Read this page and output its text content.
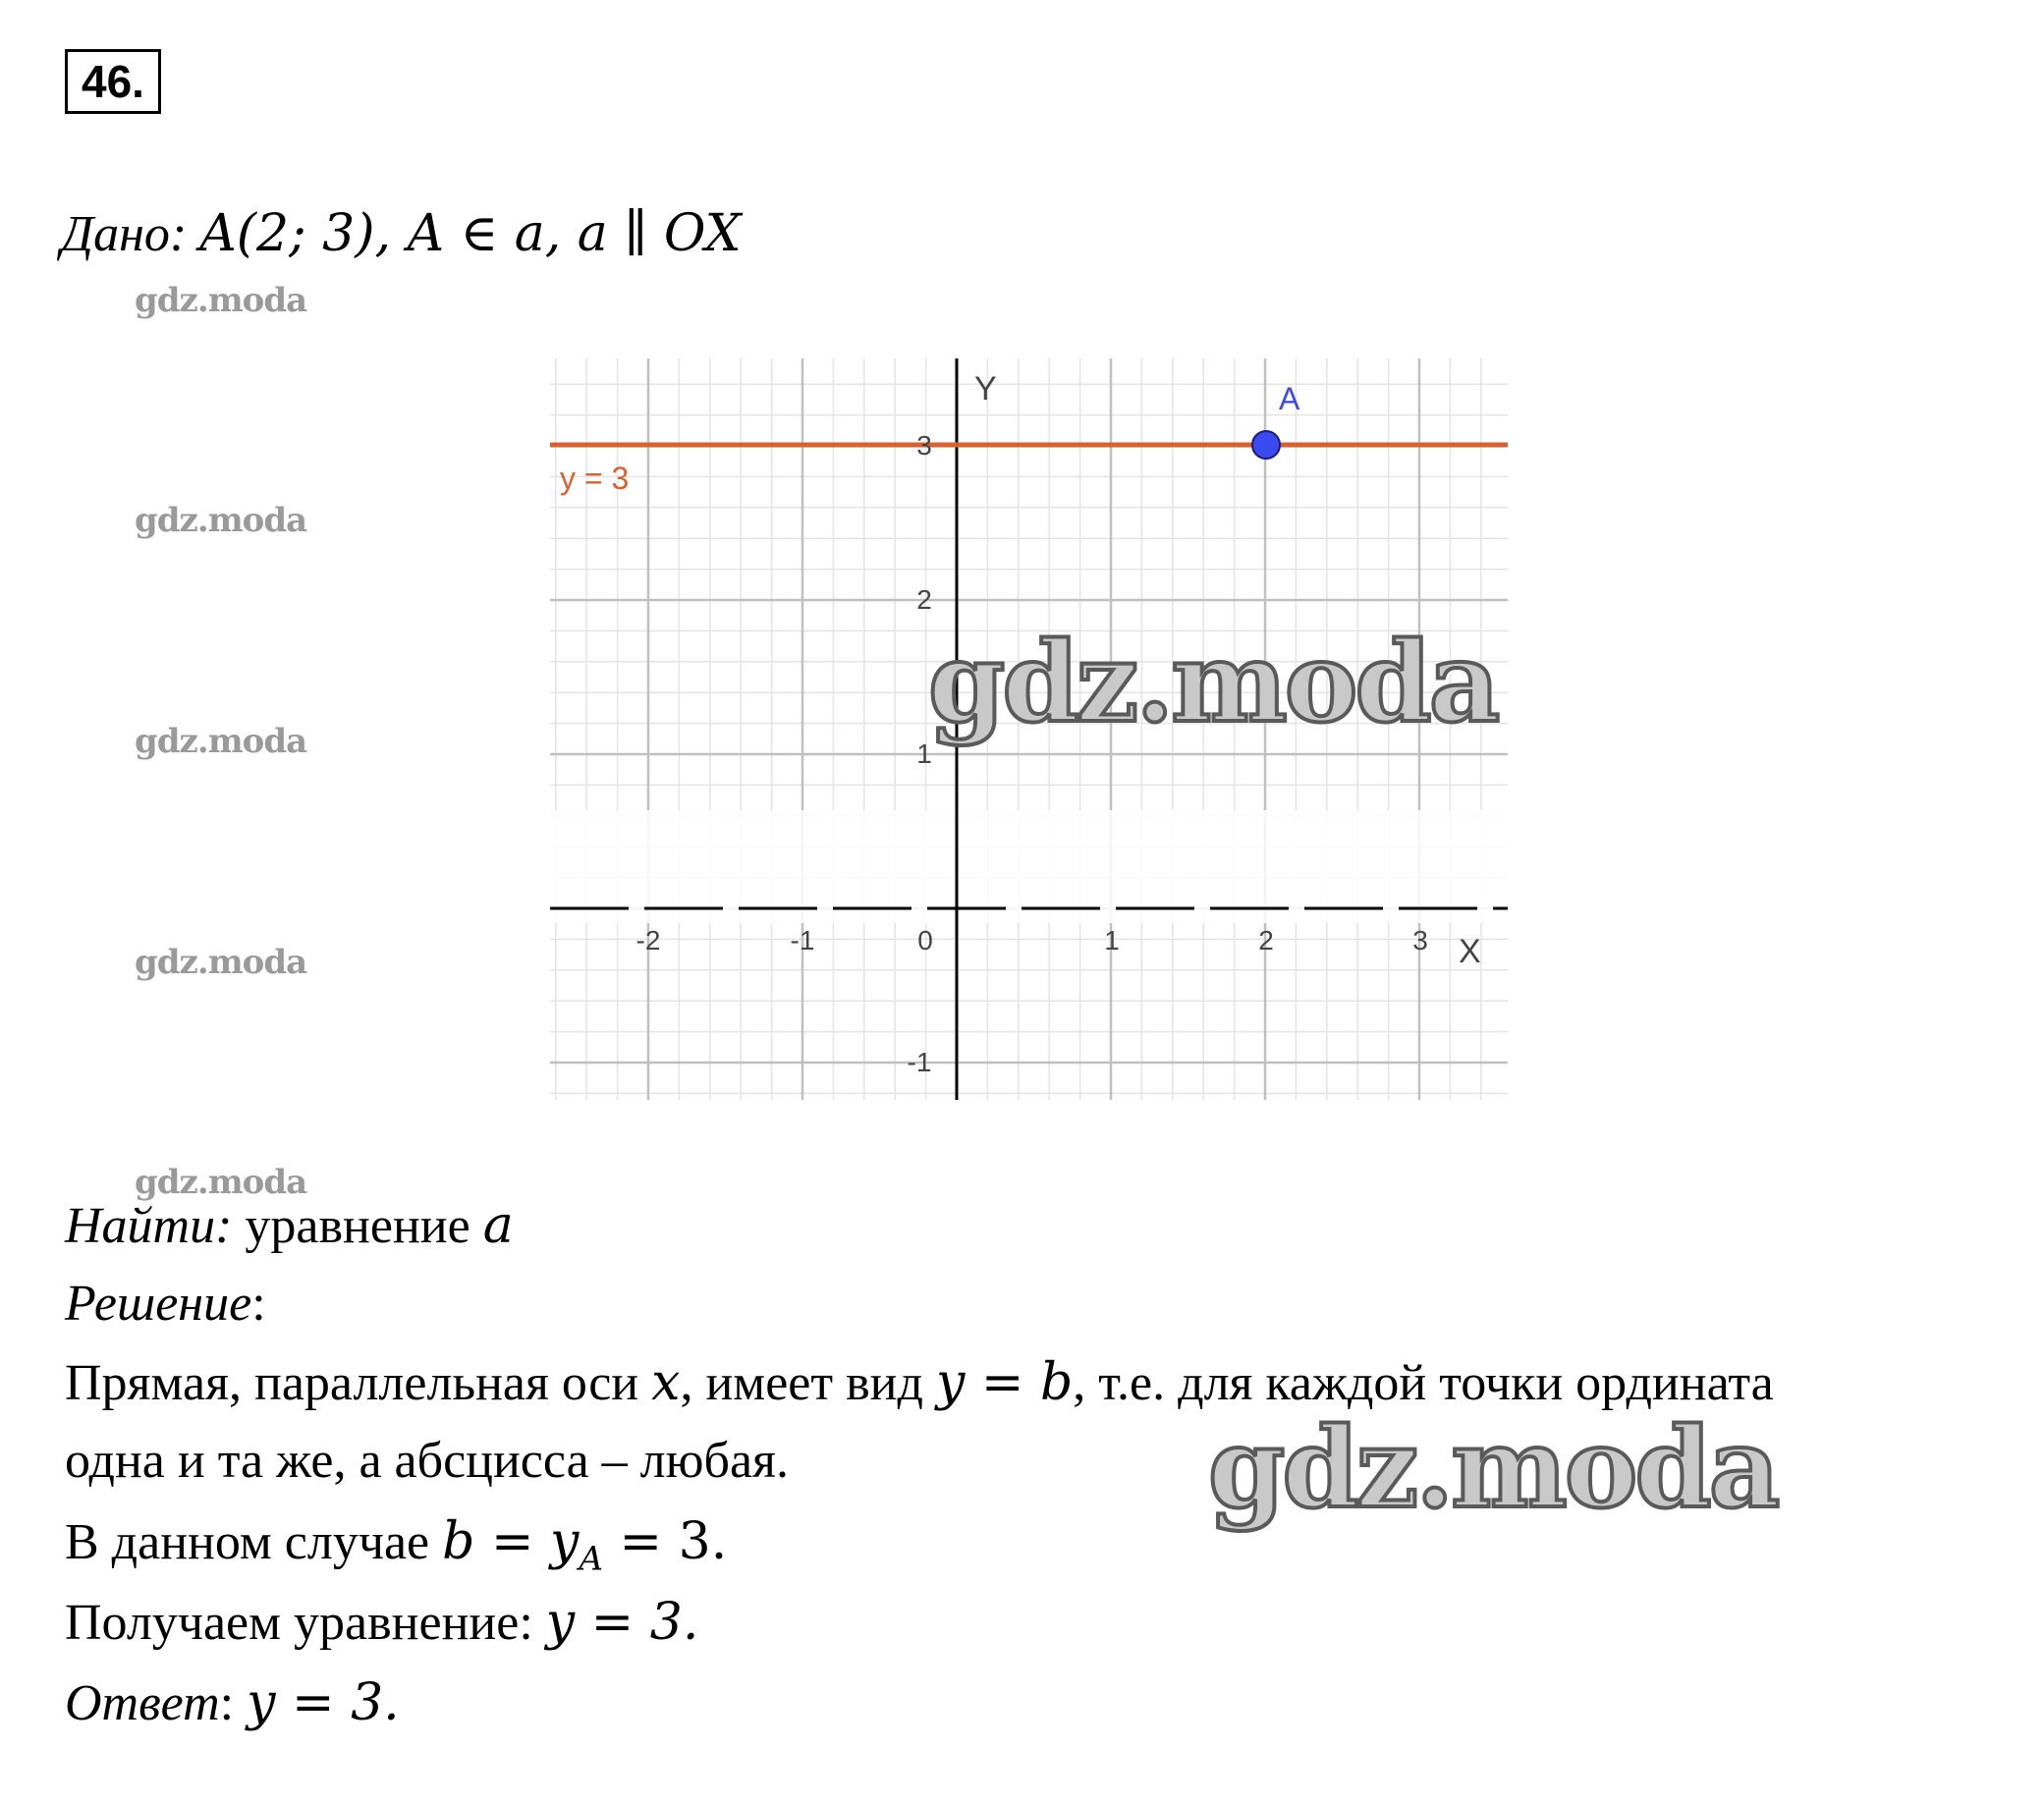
46.
Дано: A(2; 3), A ∈ a, a ∥ OX
gdz.moda
gdz.moda
gdz.moda
gdz.moda
gdz.moda
-2	-1	0	1	2	3
3
2
1
-1
X
Y
y = 3
A
gdz.moda
gdz.moda
Найти: уравнение a
Решение:
Прямая, параллельная оси x, имеет вид y = b, т.е. для каждой точки ордината
одна и та же, а абсцисса – любая.
В данном случае $b = y_A = 3$.
Получаем уравнение: y = 3.
Ответ: y = 3.
